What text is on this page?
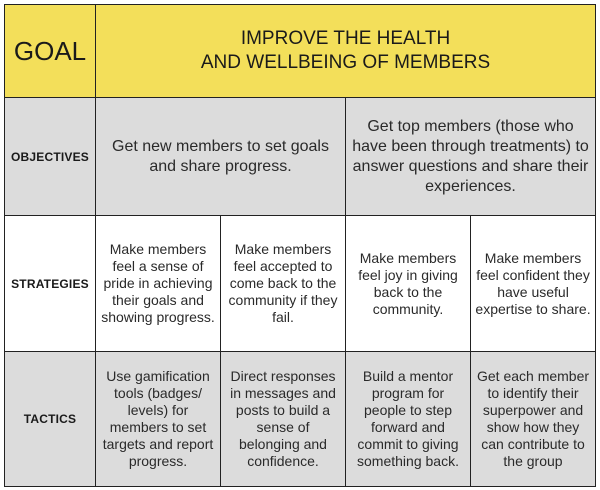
GOAL	IMPROVE THE HEALTH
AND WELLBEING OF MEMBERS			

OBJECTIVES	Get new members to set goals and share progress.		Get top members (those who have been through treatments) to answer questions and share their experiences.	
STRATEGIES	Make members feel a sense of pride in achieving their goals and showing progress.	Make members feel accepted to come back to the community if they fail.	Make members feel joy in giving back to the community.	Make members feel confident they have useful expertise to share.
TACTICS	Use gamification tools (badges/ levels) for members to set targets and report progress.	Direct responses in messages and posts to build a sense of belonging and confidence.	Build a mentor program for people to step forward and commit to giving something back.	Get each member to identify their superpower and show how they can contribute to the group
